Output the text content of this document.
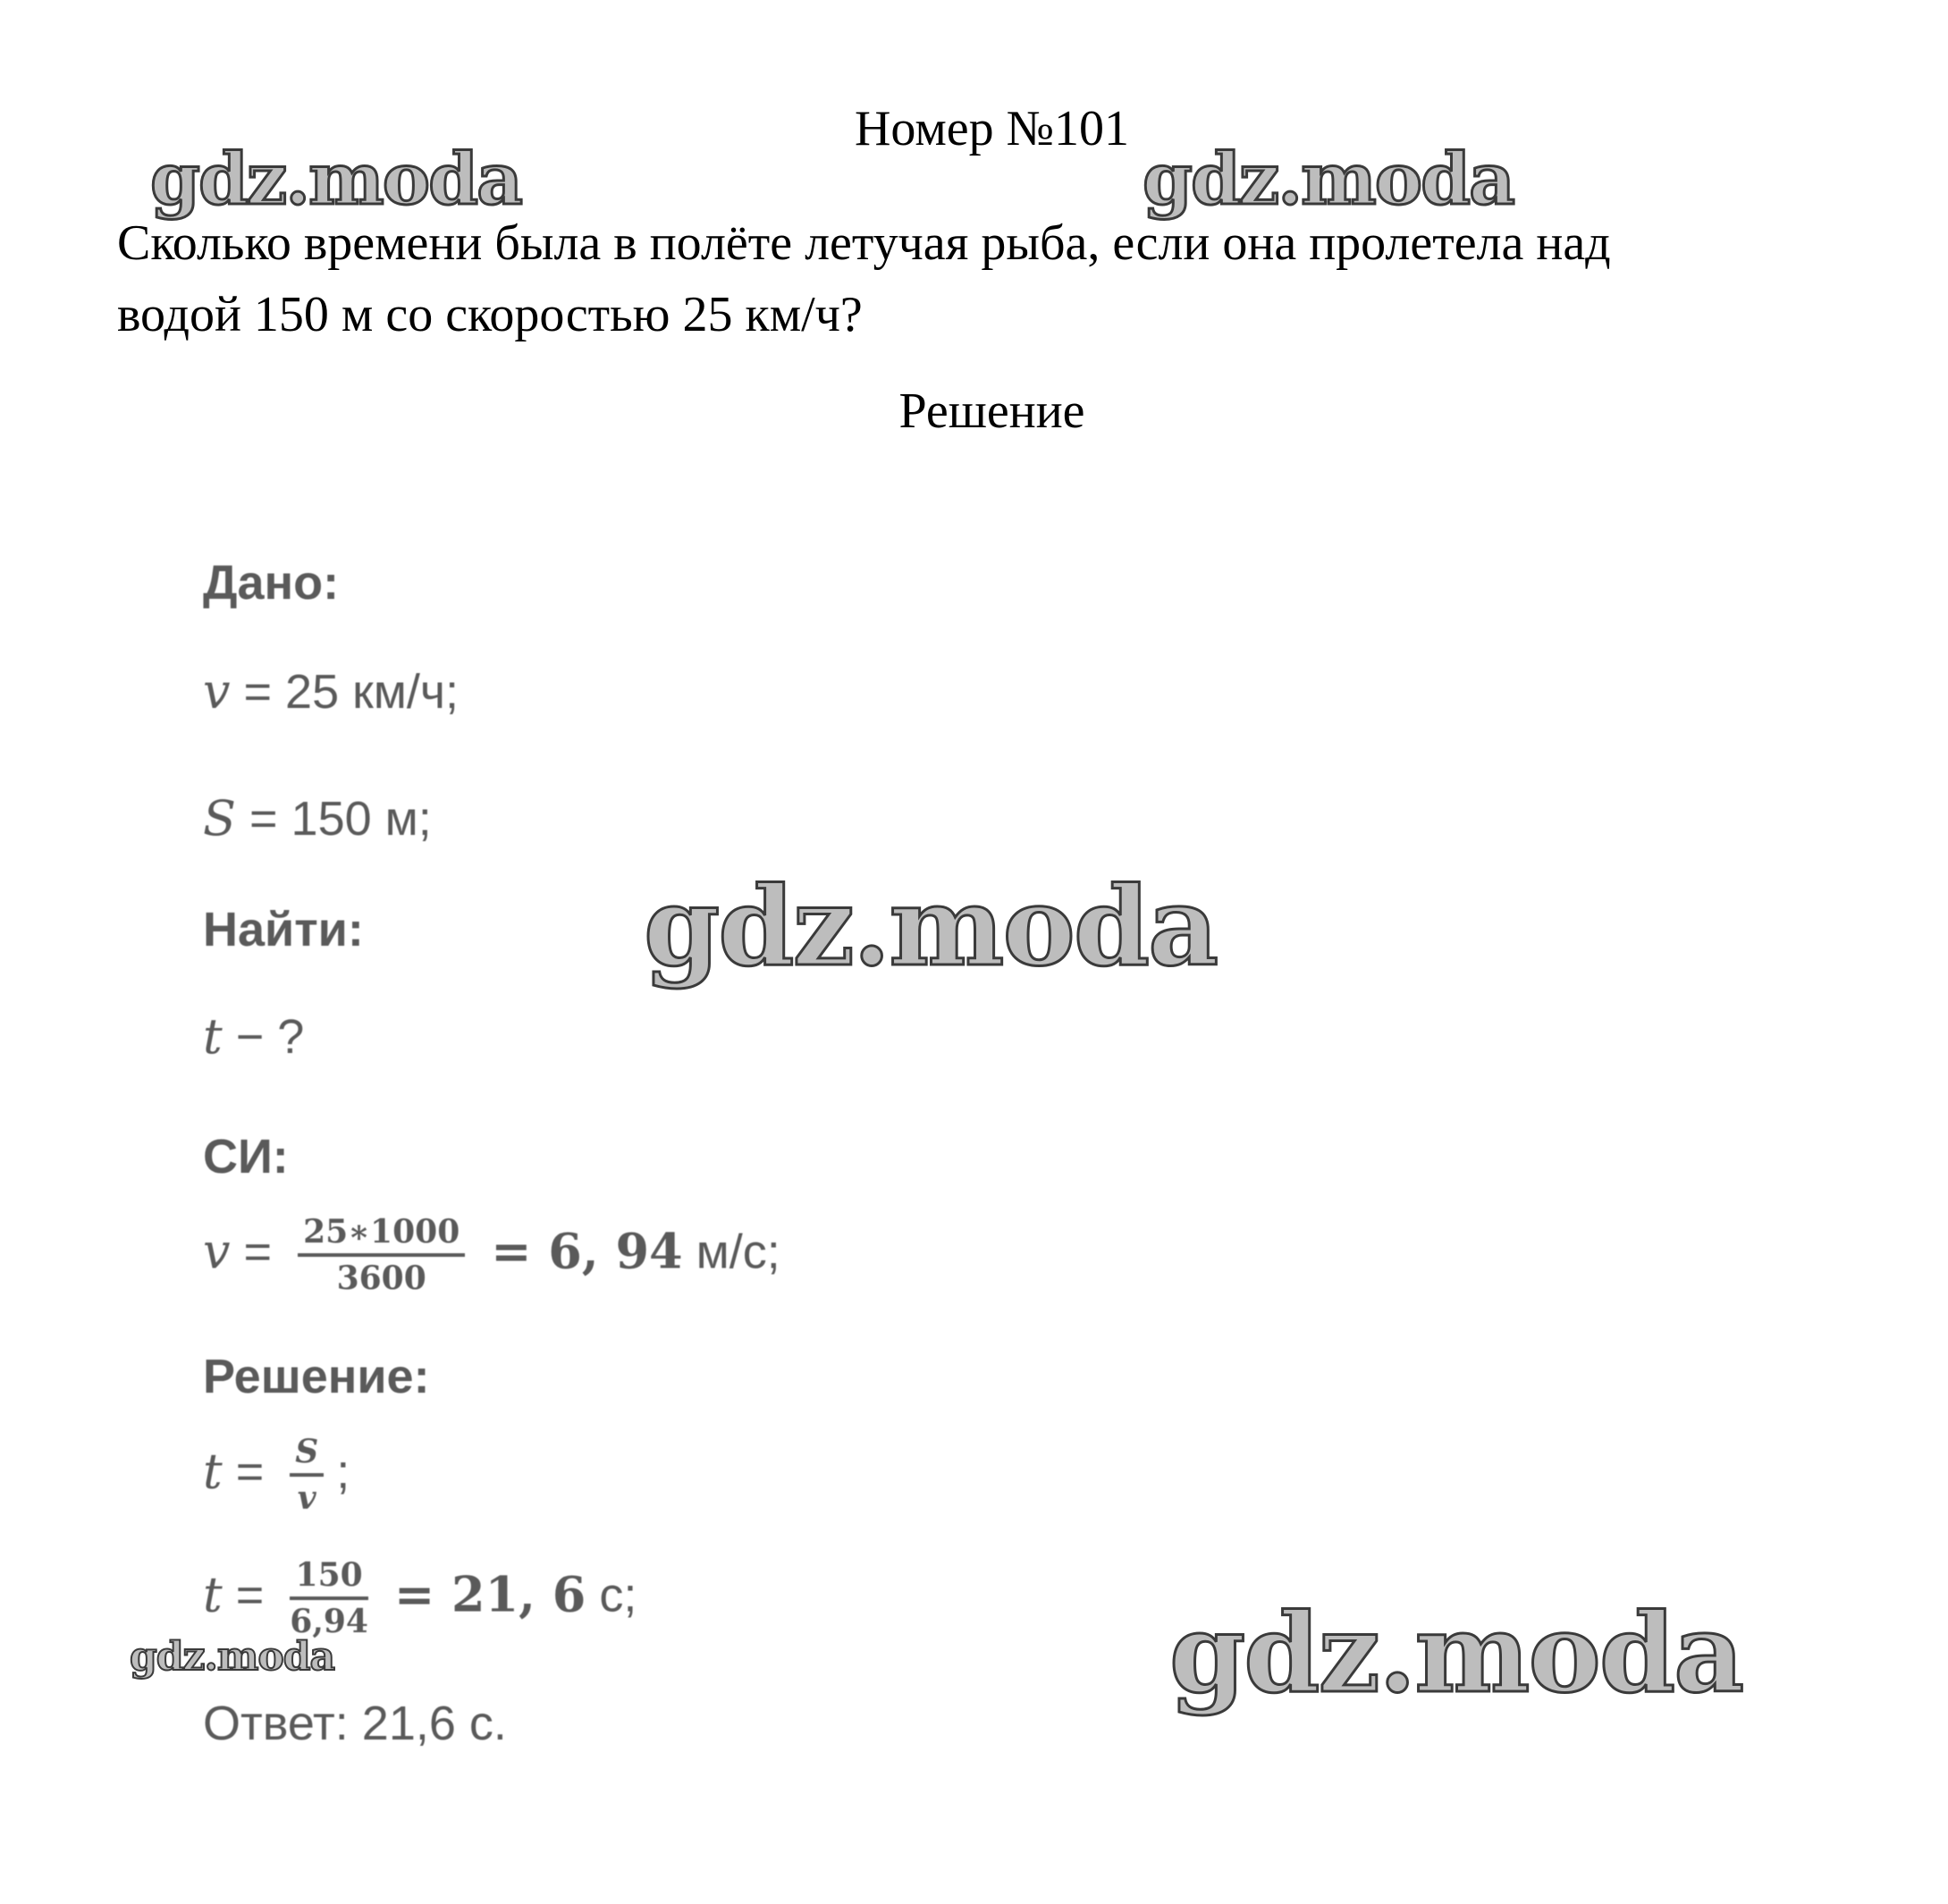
Номер №101
Сколько времени была в полёте летучая рыба, если она пролетела над
водой 150 м со скоростью 25 км/ч?
Решение
Дано:
v = 25 км/ч;
S = 150 м;
Найти:
t − ?
СИ:
$v = \frac{25∗1000}{3600} = 6$, 94 м/с;
Решение:
$t = \frac{S}{v}$ ;
$t = \frac{150}{6,94} = 21$, 6 с;
Ответ: 21,6 с.
gdz.moda	gdz.moda
gdz.moda
gdz.moda
gdz.moda
